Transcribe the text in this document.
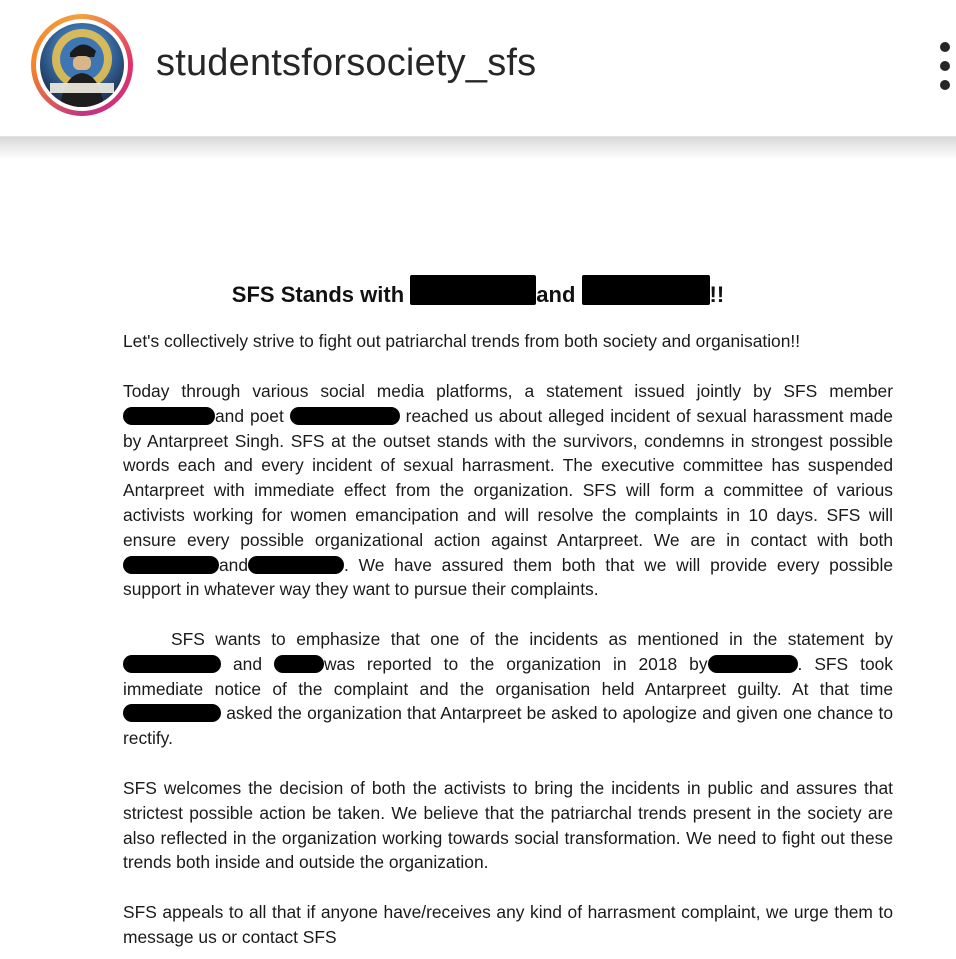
studentsforsociety_sfs
SFS Stands with	and	!!
Let's collectively strive to fight out patriarchal trends from both society and organisation!!
Today through various social media platforms, a statement issued jointly by SFS member and poet	reached us about alleged incident of sexual harassment made by Antarpreet Singh. SFS at the outset stands with the survivors, condemns in strongest possible words each and every incident of sexual harrasment. The executive committee has suspended Antarpreet with immediate effect from the organization. SFS will form a committee of various activists working for women emancipation and will resolve the complaints in 10 days. SFS will ensure every possible organizational action against Antarpreet. We are in contact with bothand	. We have assured them both that we will provide every possible support in whatever way they want to pursue their complaints.
SFS wants to emphasize that one of the incidents as mentioned in the statement by  and	was reported to the organization in 2018 by	. SFS took immediate notice of the complaint and the organisation held Antarpreet guilty. At that time  asked the organization that Antarpreet be asked to apologize and given one chance to rectify.
SFS welcomes the decision of both the activists to bring the incidents in public and assures that strictest possible action be taken. We believe that the patriarchal trends present in the society are also reflected in the organization working towards social transformation. We need to fight out these trends both inside and outside the organization.
SFS appeals to all that if anyone have/receives any kind of harrasment complaint, we urge them to message us or contact SFS
